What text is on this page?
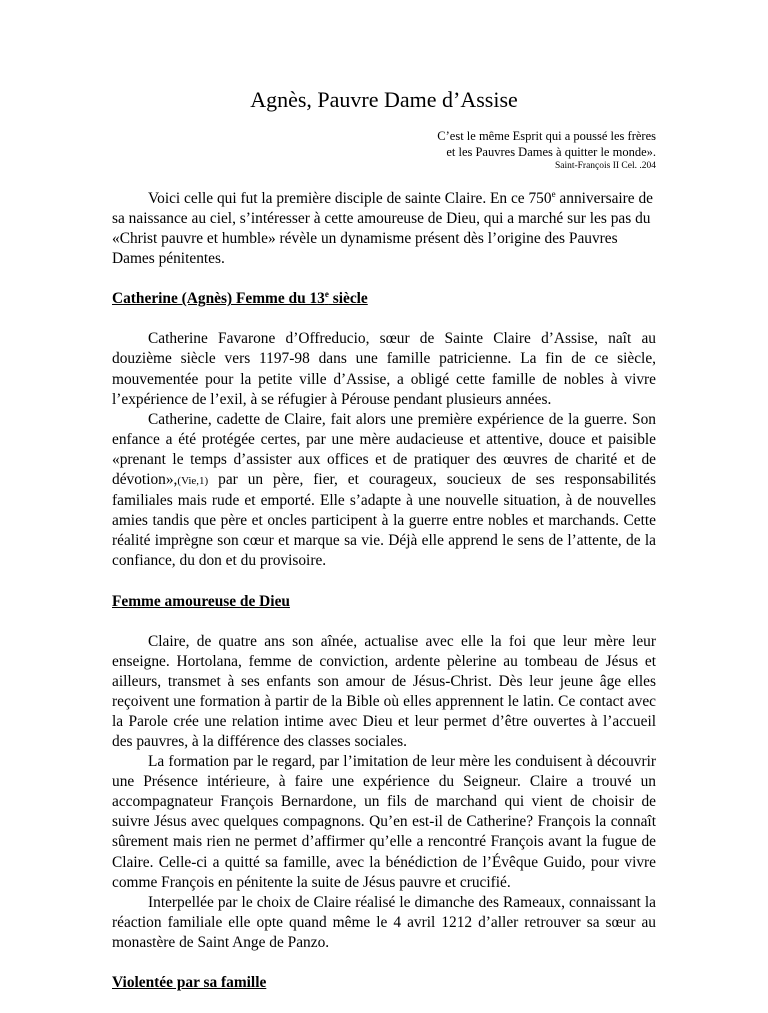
Agnès, Pauvre Dame d’Assise

C’est le même Esprit qui a poussé les frères

et les Pauvres Dames à quitter le monde».

Saint-François II Cel. .204

Voici celle qui fut la première disciple de sainte Claire. En ce 750e anniversaire de sa naissance au ciel, s’intéresser à cette amoureuse de Dieu, qui a marché sur les pas du «Christ pauvre et humble» révèle un dynamisme présent dès l’origine des Pauvres Dames pénitentes.

Catherine (Agnès) Femme du 13e siècle

Catherine Favarone d’Offreducio, sœur de Sainte Claire d’Assise, naît au douzième siècle vers 1197-98 dans une famille patricienne. La fin de ce siècle, mouvementée pour la petite ville d’Assise, a obligé cette famille de nobles à vivre l’expérience de l’exil, à se réfugier à Pérouse pendant plusieurs années.

Catherine, cadette de Claire, fait alors une première expérience de la guerre. Son enfance a été protégée certes, par une mère audacieuse et attentive, douce et paisible «prenant le temps d’assister aux offices et de pratiquer des œuvres de charité et de dévotion»,(Vie,1) par un père, fier, et courageux, soucieux de ses responsabilités familiales mais rude et emporté. Elle s’adapte à une nouvelle situation, à de nouvelles amies tandis que père et oncles participent à la guerre entre nobles et marchands. Cette réalité imprègne son cœur et marque sa vie. Déjà elle apprend le sens de l’attente, de la confiance, du don et du provisoire.

Femme amoureuse de Dieu

Claire, de quatre ans son aînée, actualise avec elle la foi que leur mère leur enseigne. Hortolana, femme de conviction, ardente pèlerine au tombeau de Jésus et ailleurs, transmet à ses enfants son amour de Jésus-Christ. Dès leur jeune âge elles reçoivent une formation à partir de la Bible où elles apprennent le latin. Ce contact avec la Parole crée une relation intime avec Dieu et leur permet d’être ouvertes à l’accueil des pauvres, à la différence des classes sociales.

La formation par le regard, par l’imitation de leur mère les conduisent à découvrir une Présence intérieure, à faire une expérience du Seigneur. Claire a trouvé un accompagnateur François Bernardone, un fils de marchand qui vient de choisir de suivre Jésus avec quelques compagnons. Qu’en est-il de Catherine? François la connaît sûrement mais rien ne permet d’affirmer qu’elle a rencontré François avant la fugue de Claire. Celle-ci a quitté sa famille, avec la bénédiction de l’Évêque Guido, pour vivre comme François en pénitente la suite de Jésus pauvre et crucifié.

Interpellée par le choix de Claire réalisé le dimanche des Rameaux, connaissant la réaction familiale elle opte quand même le 4 avril 1212 d’aller retrouver sa sœur au monastère de Saint Ange de Panzo.

Violentée par sa famille
